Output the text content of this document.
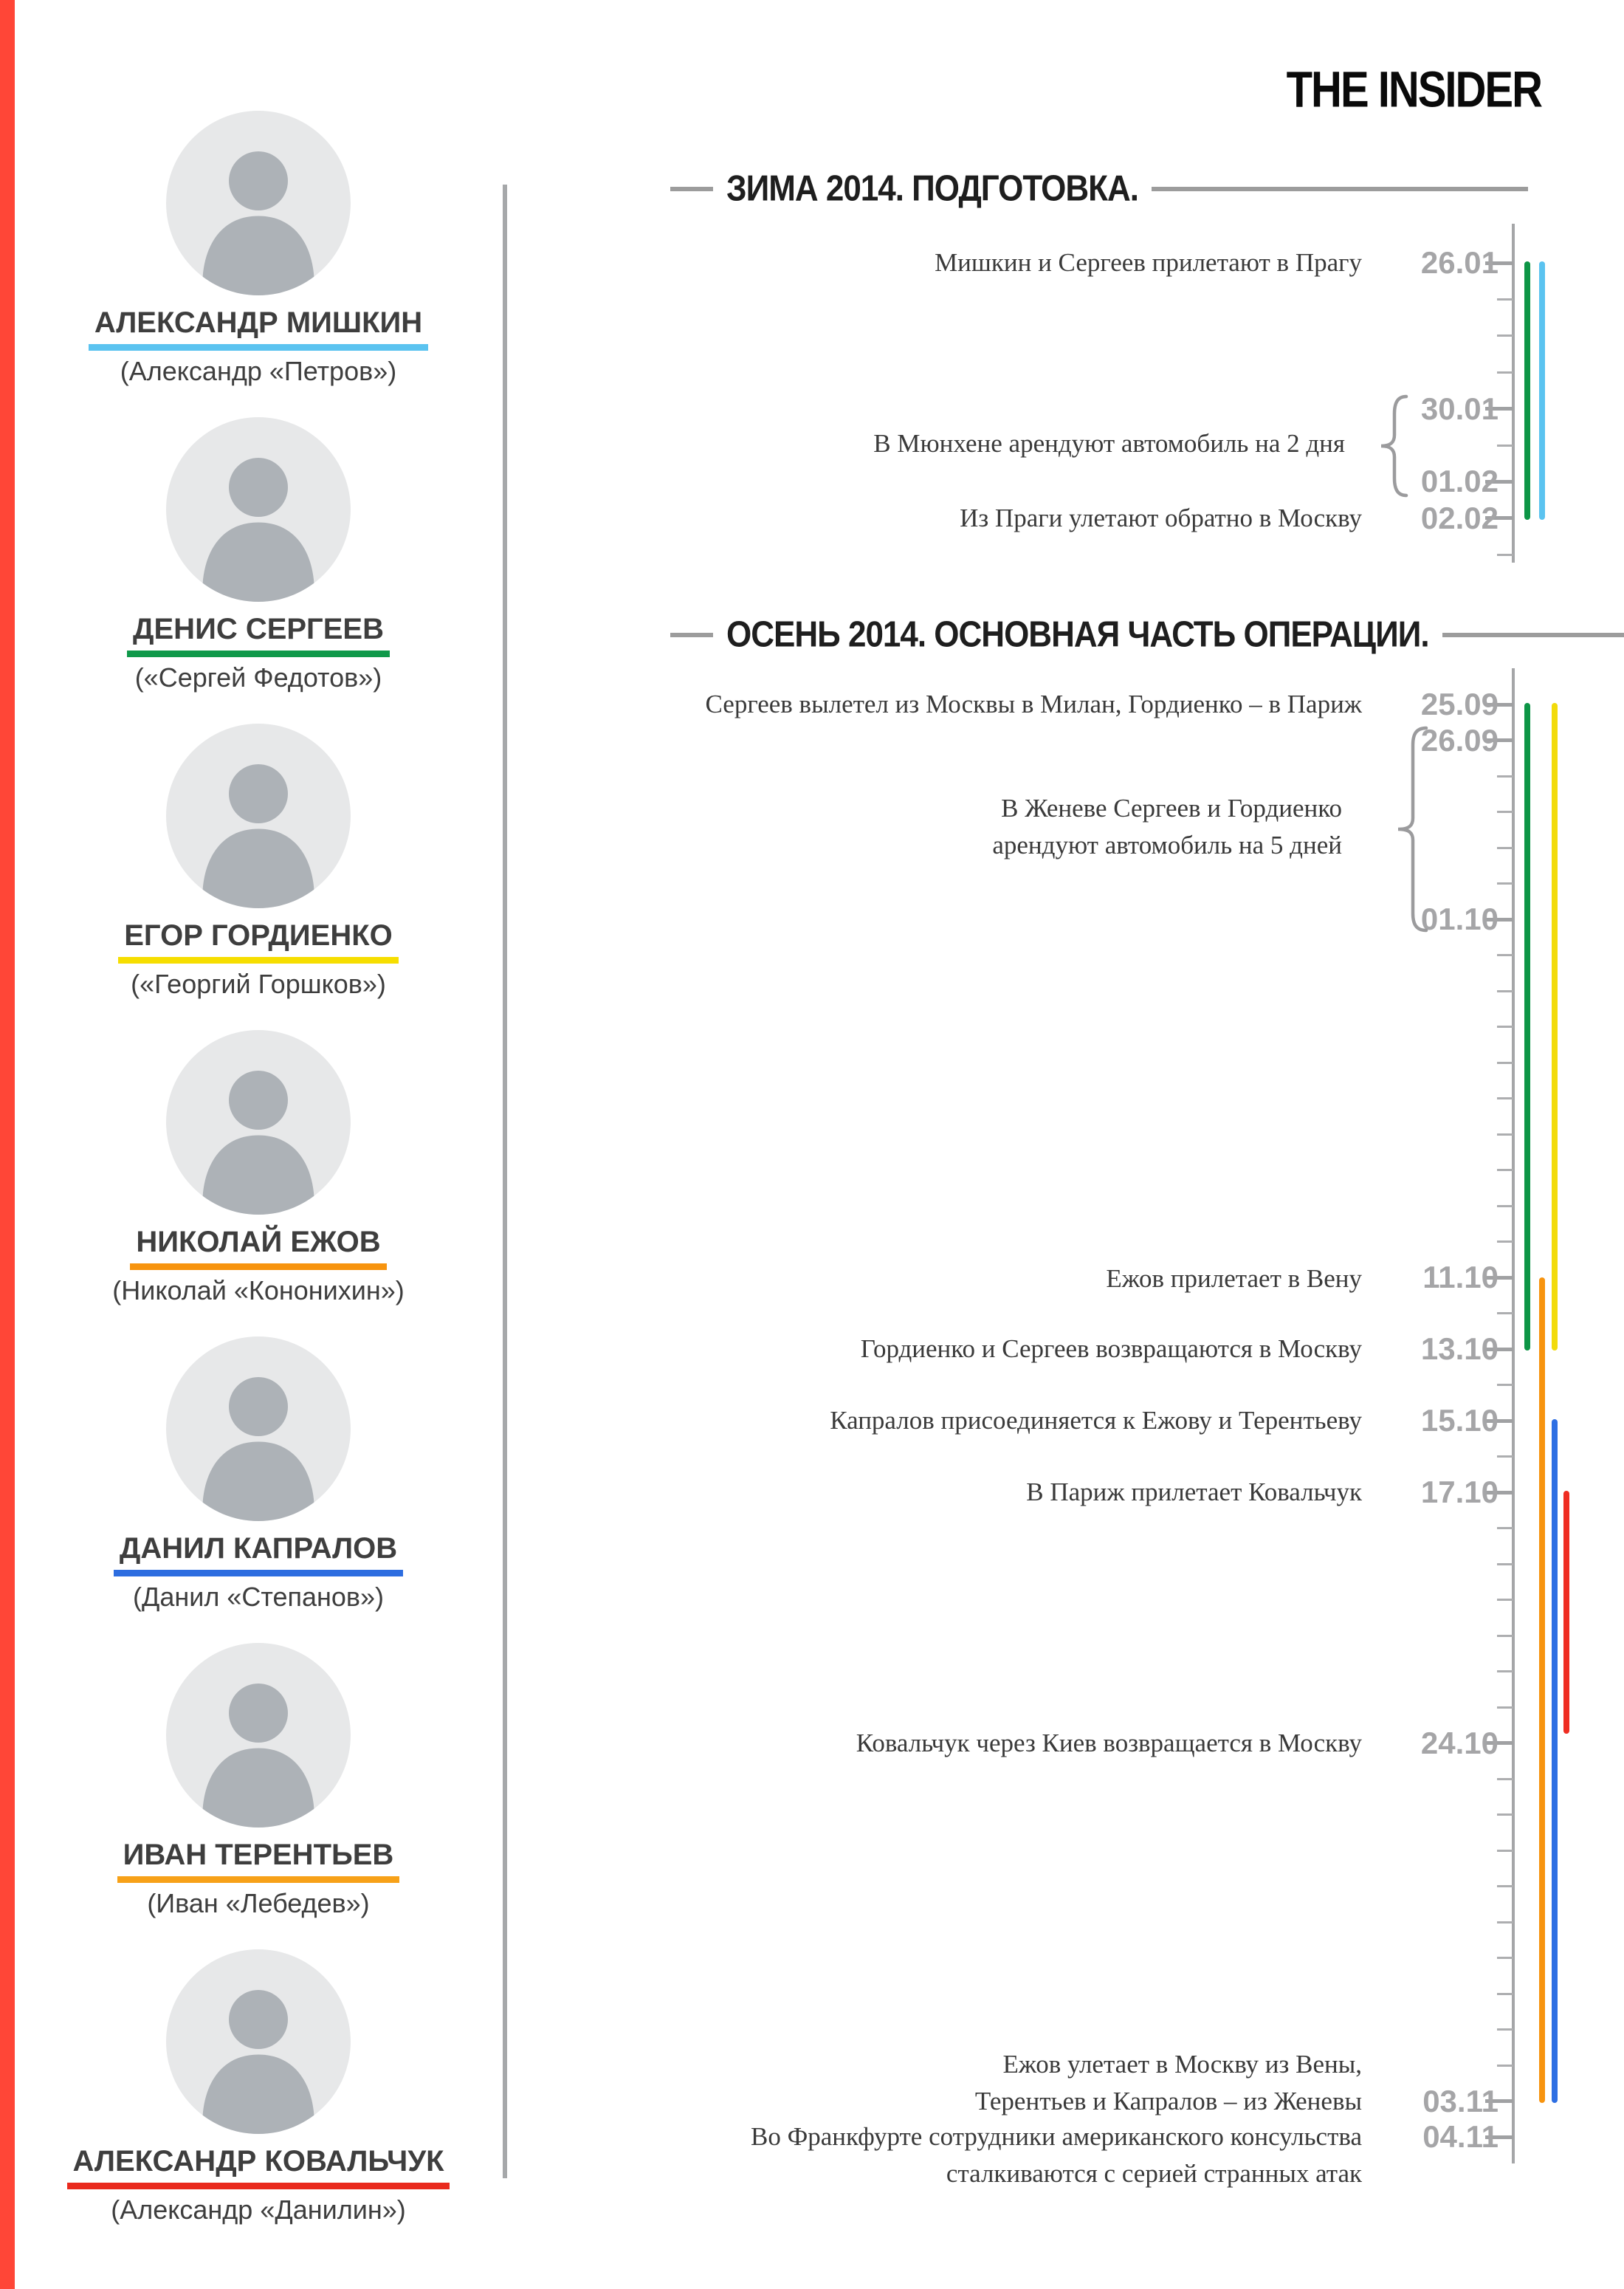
THE INSIDER
АЛЕКСАНДР МИШКИН
(Александр «Петров»)
ДЕНИС СЕРГЕЕВ
(«Сергей Федотов»)
ЕГОР ГОРДИЕНКО
(«Георгий Горшков»)
НИКОЛАЙ ЕЖОВ
(Николай «Кононихин»)
ДАНИЛ КАПРАЛОВ
(Данил «Степанов»)
ИВАН ТЕРЕНТЬЕВ
(Иван «Лебедев»)
АЛЕКСАНДР КОВАЛЬЧУК
(Александр «Данилин»)
ЗИМА 2014. ПОДГОТОВКА.
26.01
30.01
01.02
02.02
Мишкин и Сергеев прилетают в Прагу
В Мюнхене арендуют автомобиль на 2 дня
Из Праги улетают обратно в Москву
ОСЕНЬ 2014. ОСНОВНАЯ ЧАСТЬ ОПЕРАЦИИ.
25.09
26.09
01.10
11.10
13.10
15.10
17.10
24.10
03.11
04.11
Сергеев вылетел из Москвы в Милан, Гордиенко – в Париж
В Женеве Сергеев и Гордиенко
арендуют автомобиль на 5 дней
Ежов прилетает в Вену
Гордиенко и Сергеев возвращаются в Москву
Капралов присоединяется к Ежову и Терентьеву
В Париж прилетает Ковальчук
Ковальчук через Киев возвращается в Москву
Ежов улетает в Москву из Вены,
Терентьев и Капралов – из Женевы
Во Франкфурте сотрудники американского консульства
сталкиваются с серией странных атак
